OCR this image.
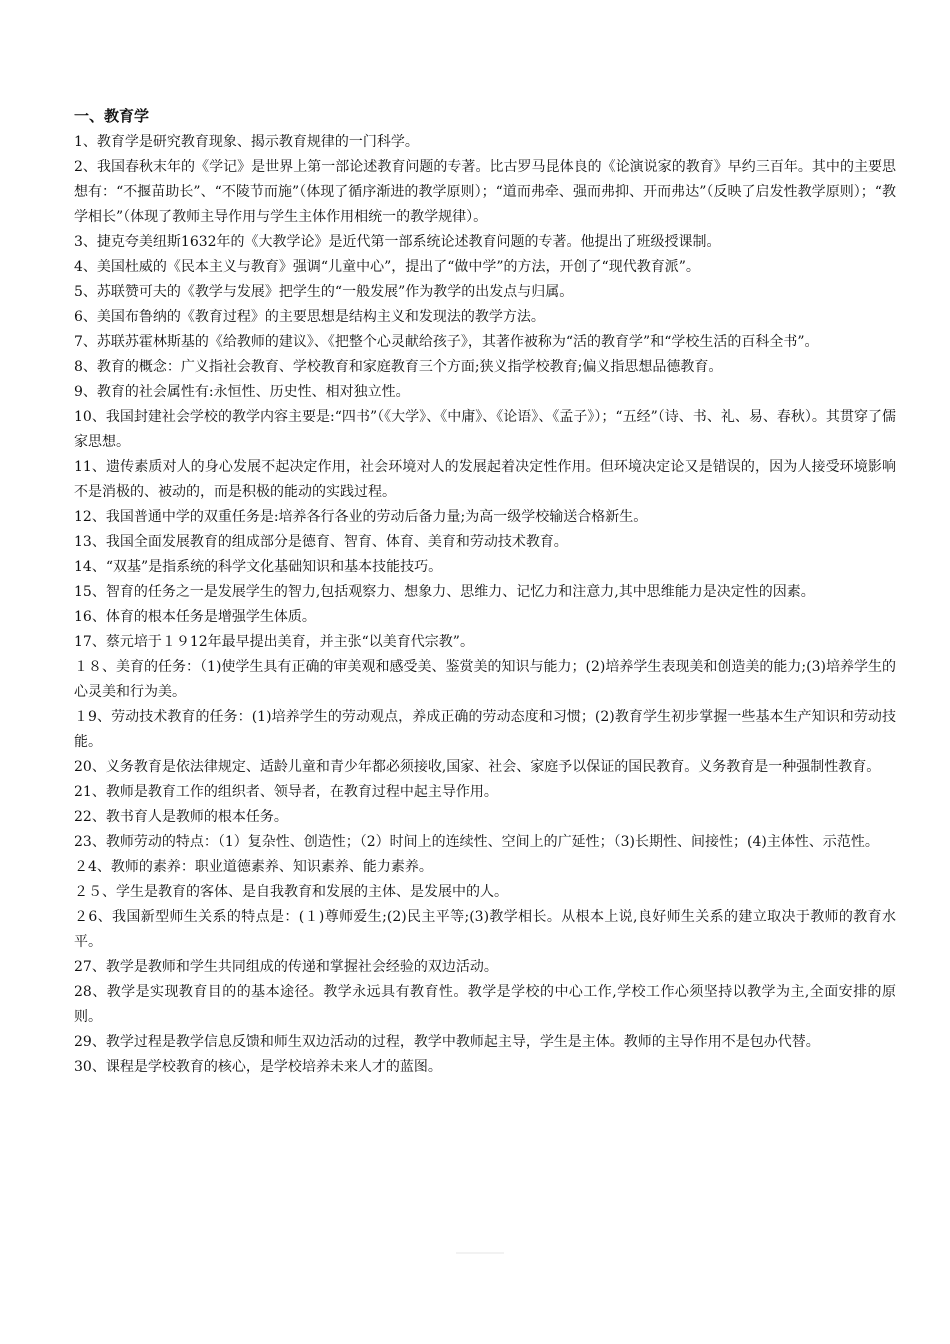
一、教育学

1、教育学是研究教育现象、揭示教育规律的一门科学。

2、我国春秋末年的《学记》是世界上第一部论述教育问题的专著。比古罗马昆体良的《论演说家的教育》早约三百年。其中的主要思想有：“不揠苗助长”、“不陵节而施”（体现了循序渐进的教学原则）；“道而弗牵、强而弗抑、开而弗达”（反映了启发性教学原则）；“教学相长”（体现了教师主导作用与学生主体作用相统一的教学规律）。

3、捷克夸美纽斯1632年的《大教学论》是近代第一部系统论述教育问题的专著。他提出了班级授课制。

4、美国杜威的《民本主义与教育》强调“儿童中心”，提出了“做中学”的方法，开创了“现代教育派”。

5、苏联赞可夫的《教学与发展》把学生的“一般发展”作为教学的出发点与归属。

6、美国布鲁纳的《教育过程》的主要思想是结构主义和发现法的教学方法。

7、苏联苏霍林斯基的《给教师的建议》、《把整个心灵献给孩子》，其著作被称为“活的教育学”和“学校生活的百科全书”。

8、教育的概念：广义指社会教育、学校教育和家庭教育三个方面;狭义指学校教育;偏义指思想品德教育。

9、教育的社会属性有:永恒性、历史性、相对独立性。

10、我国封建社会学校的教学内容主要是:“四书”（《大学》、《中庸》、《论语》、《孟子》）；“五经”（诗、书、礼、易、春秋）。其贯穿了儒家思想。

11、遗传素质对人的身心发展不起决定作用，社会环境对人的发展起着决定性作用。但环境决定论又是错误的，因为人接受环境影响不是消极的、被动的，而是积极的能动的实践过程。

12、我国普通中学的双重任务是:培养各行各业的劳动后备力量;为高一级学校输送合格新生。

13、我国全面发展教育的组成部分是德育、智育、体育、美育和劳动技术教育。

14、“双基”是指系统的科学文化基础知识和基本技能技巧。

15、智育的任务之一是发展学生的智力,包括观察力、想象力、思维力、记忆力和注意力,其中思维能力是决定性的因素。

16、体育的根本任务是增强学生体质。

17、蔡元培于１９12年最早提出美育，并主张“以美育代宗教”。

１８、美育的任务：（1)使学生具有正确的审美观和感受美、鉴赏美的知识与能力；(2)培养学生表现美和创造美的能力;(3)培养学生的心灵美和行为美。

１9、劳动技术教育的任务：(1)培养学生的劳动观点，养成正确的劳动态度和习惯；(2)教育学生初步掌握一些基本生产知识和劳动技能。

20、义务教育是依法律规定、适龄儿童和青少年都必须接收,国家、社会、家庭予以保证的国民教育。义务教育是一种强制性教育。

21、教师是教育工作的组织者、领导者，在教育过程中起主导作用。

22、教书育人是教师的根本任务。

23、教师劳动的特点：（1）复杂性、创造性；（2）时间上的连续性、空间上的广延性；（3)长期性、间接性；(4)主体性、示范性。

２4、教师的素养：职业道德素养、知识素养、能力素养。

２５、学生是教育的客体、是自我教育和发展的主体、是发展中的人。

２6、我国新型师生关系的特点是：(１)尊师爱生;(2)民主平等;(3)教学相长。从根本上说,良好师生关系的建立取决于教师的教育水平。

27、教学是教师和学生共同组成的传递和掌握社会经验的双边活动。

28、教学是实现教育目的的基本途径。教学永远具有教育性。教学是学校的中心工作,学校工作心须坚持以教学为主,全面安排的原则。

29、教学过程是教学信息反馈和师生双边活动的过程，教学中教师起主导，学生是主体。教师的主导作用不是包办代替。

30、课程是学校教育的核心，是学校培养未来人才的蓝图。
